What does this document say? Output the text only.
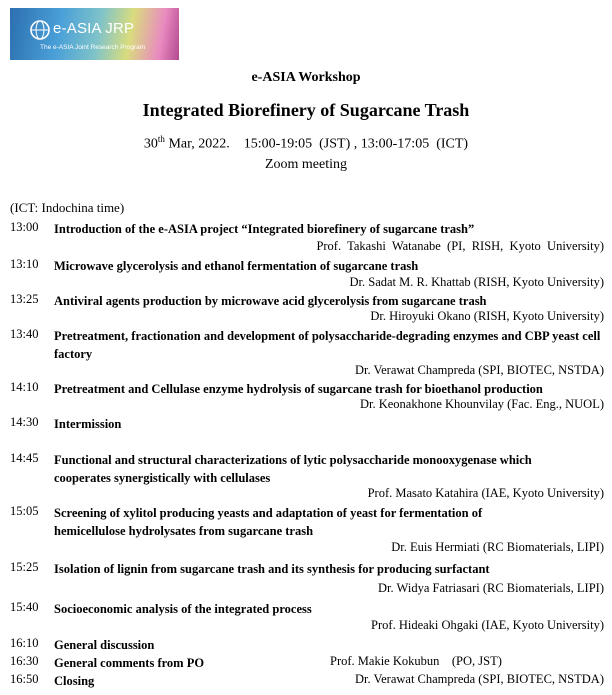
e-ASIA JRP
The e-ASIA Joint Research Program
e-ASIA Workshop
Integrated Biorefinery of Sugarcane Trash
30th Mar, 2022.    15:00-19:05  (JST) , 13:00-17:05  (ICT)
Zoom meeting
(ICT: Indochina time)
13:00 Introduction of the e-ASIA project “Integrated biorefinery of sugarcane trash”
Prof.  Takashi  Watanabe  (PI,  RISH,  Kyoto  University)
13:10 Microwave glycerolysis and ethanol fermentation of sugarcane trash
Dr. Sadat M. R. Khattab (RISH, Kyoto University)
13:25 Antiviral agents production by microwave acid glycerolysis from sugarcane trash
Dr. Hiroyuki Okano (RISH, Kyoto University)
13:40 Pretreatment, fractionation and development of polysaccharide-degrading enzymes and CBP yeast cell factory
Dr. Verawat Champreda (SPI, BIOTEC, NSTDA)
14:10 Pretreatment and Cellulase enzyme hydrolysis of sugarcane trash for bioethanol production
Dr. Keonakhone Khounvilay (Fac. Eng., NUOL)
14:30 Intermission
14:45 Functional and structural characterizations of lytic polysaccharide monooxygenase which cooperates synergistically with cellulases
Prof. Masato Katahira (IAE, Kyoto University)
15:05 Screening of xylitol producing yeasts and adaptation of yeast for fermentation of hemicellulose hydrolysates from sugarcane trash
Dr. Euis Hermiati (RC Biomaterials, LIPI)
15:25 Isolation of lignin from sugarcane trash and its synthesis for producing surfactant
Dr. Widya Fatriasari (RC Biomaterials, LIPI)
15:40 Socioeconomic analysis of the integrated process
Prof. Hideaki Ohgaki (IAE, Kyoto University)
16:10 General discussion
16:30 General comments from PO	Prof. Makie Kokubun    (PO, JST)
16:50 Closing	Dr. Verawat Champreda (SPI, BIOTEC, NSTDA)
